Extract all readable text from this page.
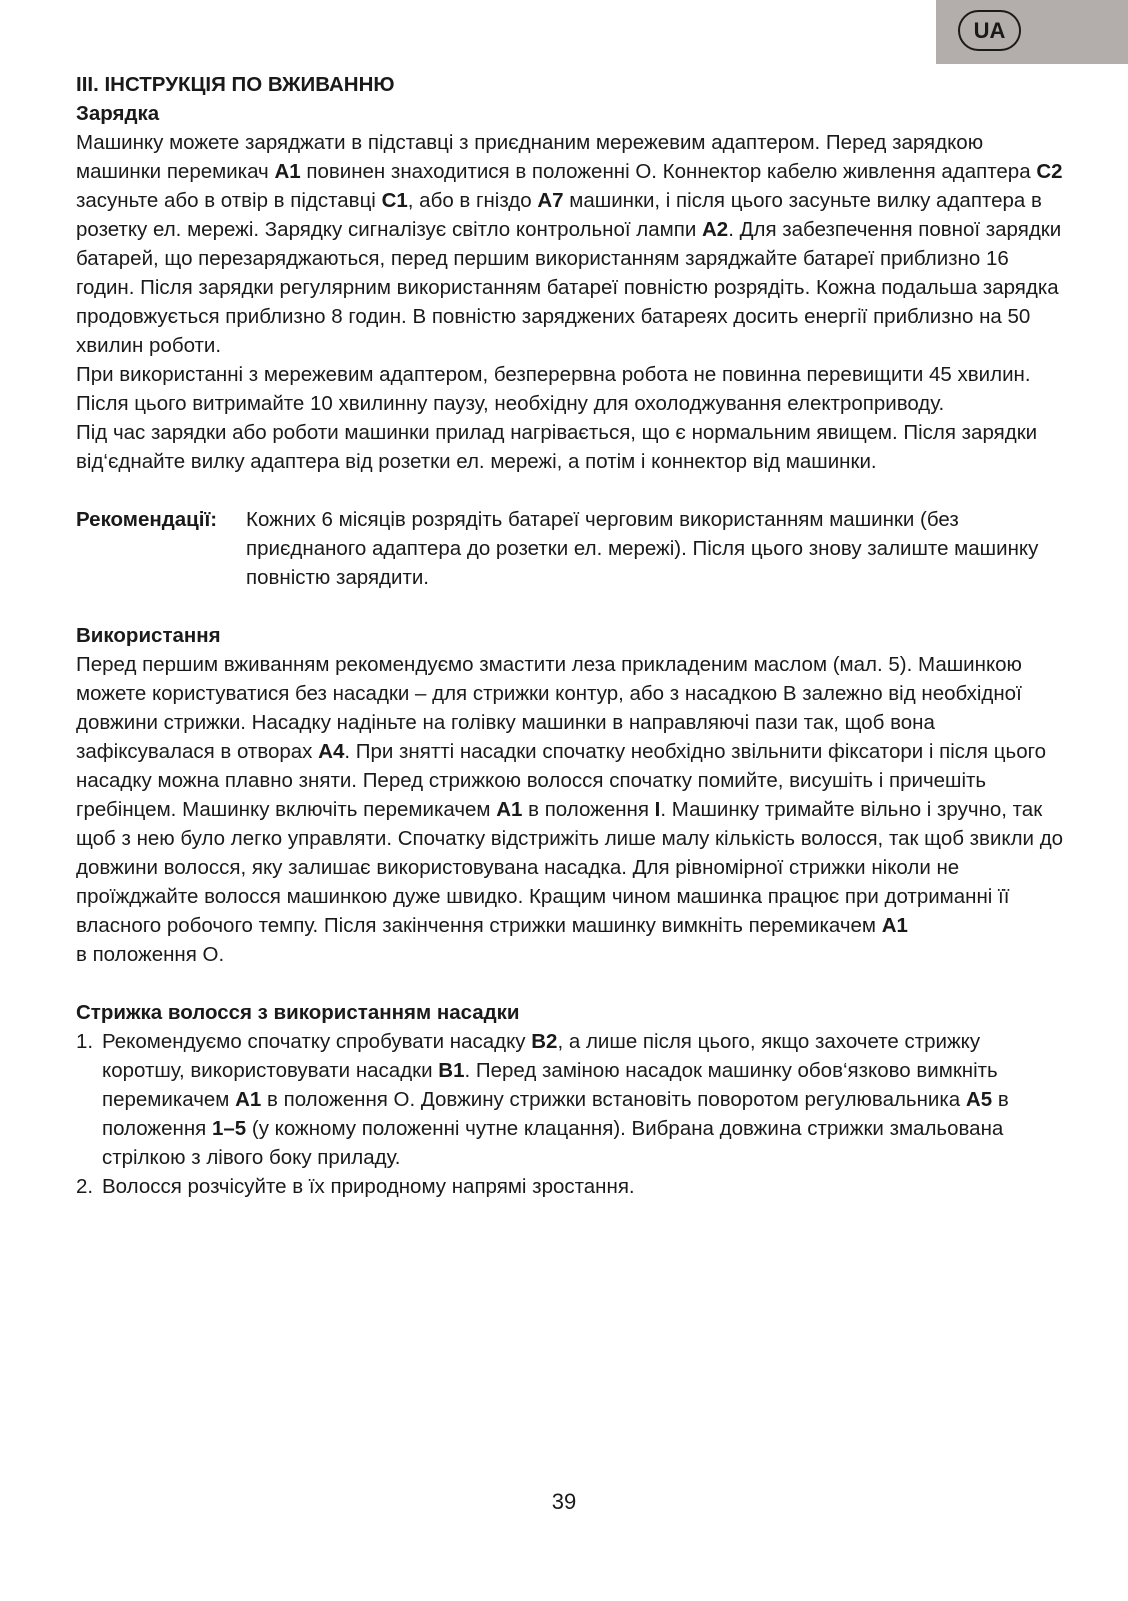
UA

III. ІНСТРУКЦІЯ ПО ВЖИВАННЮ

Зарядка

Машинку можете заряджати в підставці з приєднаним мережевим адаптером. Перед зарядкою машинки перемикач A1 повинен знаходитися в положенні O. Коннектор кабелю живлення адаптера C2 засуньте або в отвір в підставці C1, або в гніздо A7 машинки, і після цього засуньте вилку адаптера в розетку ел. мережі. Зарядку сигналізує світло контрольної лампи A2. Для забезпечення повної зарядки батарей, що перезаряджаються, перед першим використанням заряджайте батареї приблизно 16 годин. Після зарядки регулярним використанням батареї повністю розрядіть. Кожна подальша зарядка продовжується приблизно 8 годин. В повністю заряджених батареях досить енергії приблизно на 50 хвилин роботи.

При використанні з мережевим адаптером, безперервна робота не повинна перевищити 45 хвилин.

Після цього витримайте 10 хвилинну паузу, необхідну для охолоджування електроприводу.

Під час зарядки або роботи машинки прилад нагрівається, що є нормальним явищем. Після зарядки від‘єднайте вилку адаптера від розетки ел. мережі, а потім і коннектор від машинки.

Рекомендації:	Кожних 6 місяців розрядіть батареї черговим використанням машинки (без приєднаного адаптера до розетки ел. мережі). Після цього знову залиште машинку повністю зарядити.

Використання

Перед першим вживанням рекомендуємо змастити леза прикладеним маслом (мал. 5). Машинкою можете користуватися без насадки – для стрижки контур, або з насадкою B залежно від необхідної довжини стрижки. Насадку надіньте на голівку машинки в направляючі пази так, щоб вона зафіксувалася в отворах A4. При знятті насадки спочатку необхідно звільнити фіксатори і після цього насадку можна плавно зняти. Перед стрижкою волосся спочатку помийте, висушіть і причешіть гребінцем. Машинку включіть перемикачем A1 в положення I. Машинку тримайте вільно і зручно, так щоб з нею було легко управляти. Спочатку відстрижіть лише малу кількість волосся, так щоб звикли до довжини волосся, яку залишає використовувана насадка. Для рівномірної стрижки ніколи не проїжджайте волосся машинкою дуже швидко. Кращим чином машинка працює при дотриманні її власного робочого темпу. Після закінчення стрижки машинку вимкніть перемикачем A1
в положення O.

Стрижка волосся з використанням насадки

1. Рекомендуємо спочатку спробувати насадку B2, а лише після цього, якщо захочете стрижку коротшу, використовувати насадки B1. Перед заміною насадок машинку обов‘язково вимкніть перемикачем A1 в положення O. Довжину стрижки встановіть поворотом регулювальника A5 в положення 1–5 (у кожному положенні чутне клацання). Вибрана довжина стрижки змальована стрілкою з лівого боку приладу.
2. Волосся розчісуйте в їх природному напрямі зростання.
39
